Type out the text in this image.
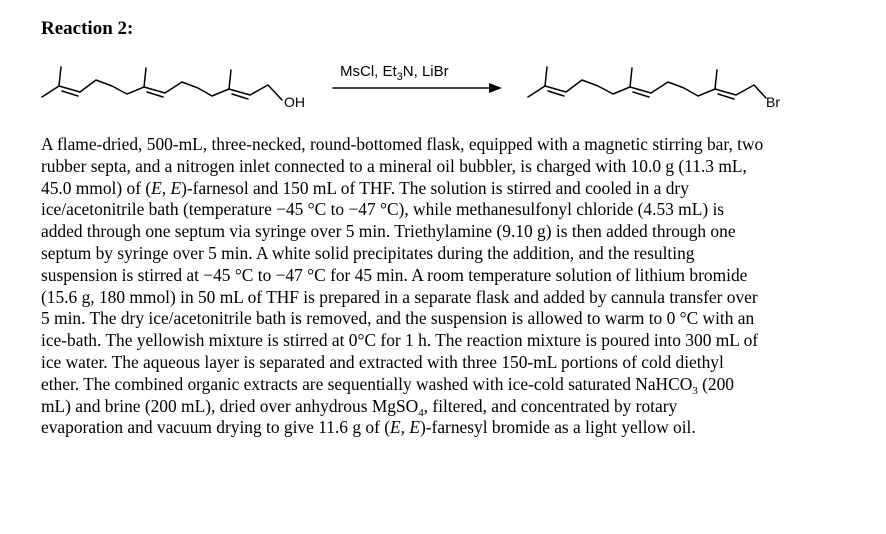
Reaction 2:
OH	Br
MsCl, $Et_3N$, LiBr
A flame-dried, 500-mL, three-necked, round-bottomed flask, equipped with a magnetic stirring bar, two
rubber septa, and a nitrogen inlet connected to a mineral oil bubbler, is charged with 10.0 g (11.3 mL,
45.0 mmol) of (E, E)-farnesol and 150 mL of THF. The solution is stirred and cooled in a dry
ice/acetonitrile bath (temperature −45 °C to −47 °C), while methanesulfonyl chloride (4.53 mL) is
added through one septum via syringe over 5 min. Triethylamine (9.10 g) is then added through one
septum by syringe over 5 min. A white solid precipitates during the addition, and the resulting
suspension is stirred at −45 °C to −47 °C for 45 min. A room temperature solution of lithium bromide
(15.6 g, 180 mmol) in 50 mL of THF is prepared in a separate flask and added by cannula transfer over
5 min. The dry ice/acetonitrile bath is removed, and the suspension is allowed to warm to 0 °C with an
ice-bath. The yellowish mixture is stirred at 0°C for 1 h. The reaction mixture is poured into 300 mL of
ice water. The aqueous layer is separated and extracted with three 150-mL portions of cold diethyl
ether. The combined organic extracts are sequentially washed with ice-cold saturated NaHCO$_3$ (200
mL) and brine (200 mL), dried over anhydrous MgSO$_4$, filtered, and concentrated by rotary
evaporation and vacuum drying to give 11.6 g of (E, E)-farnesyl bromide as a light yellow oil.
